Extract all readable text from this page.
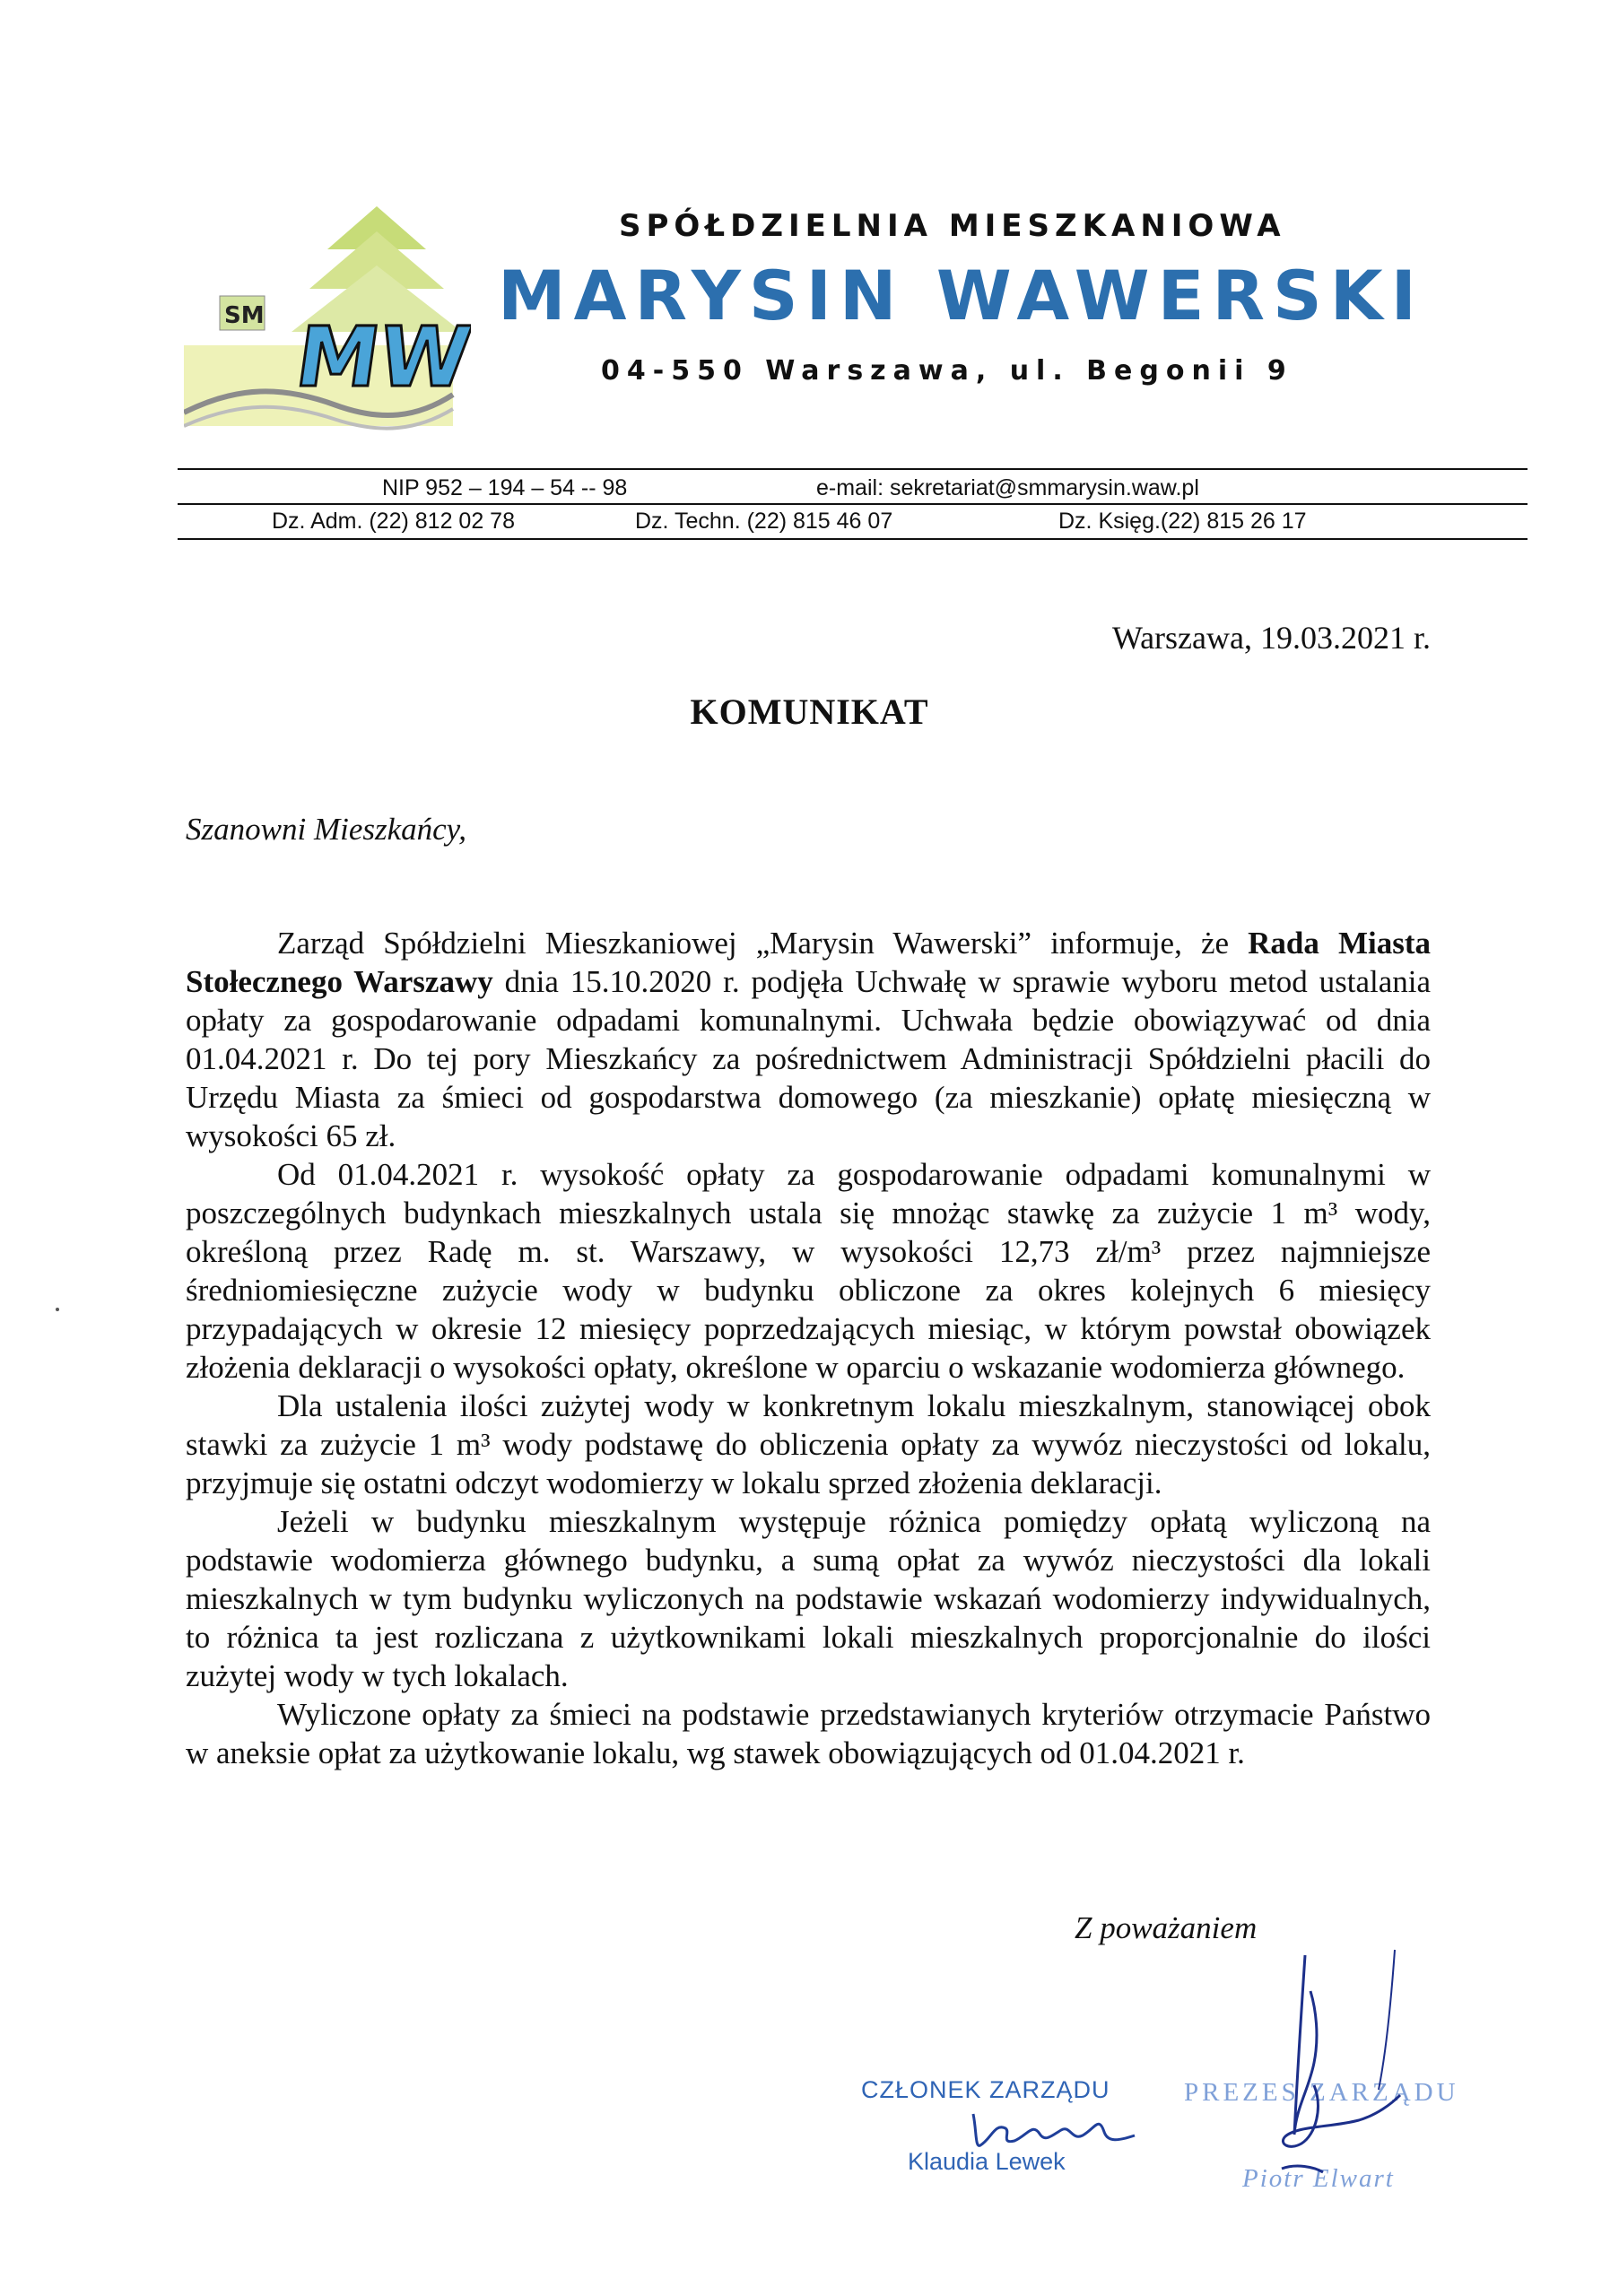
SM MW
SPÓŁDZIELNIA MIESZKANIOWA
MARYSIN WAWERSKI
04-550 Warszawa, ul. Begonii 9
NIP 952 – 194 – 54 -- 98	e-mail: sekretariat@smmarysin.waw.pl
Dz. Adm. (22) 812 02 78	Dz. Techn. (22) 815 46 07	Dz. Księg.(22) 815 26 17
Warszawa, 19.03.2021 r.
KOMUNIKAT
Szanowni Mieszkańcy,

Zarząd Spółdzielni Mieszkaniowej „Marysin Wawerski” informuje, że Rada Miasta Stołecznego Warszawy dnia 15.10.2020 r. podjęła Uchwałę w sprawie wyboru metod ustalania opłaty za gospodarowanie odpadami komunalnymi. Uchwała będzie obowiązywać od dnia 01.04.2021 r. Do tej pory Mieszkańcy za pośrednictwem Administracji Spółdzielni płacili do Urzędu Miasta za śmieci od gospodarstwa domowego (za mieszkanie) opłatę miesięczną w wysokości 65 zł.

Od 01.04.2021 r. wysokość opłaty za gospodarowanie odpadami komunalnymi w poszczególnych budynkach mieszkalnych ustala się mnożąc stawkę za zużycie 1 m³ wody, określoną przez Radę m. st. Warszawy, w wysokości 12,73 zł/m³ przez najmniejsze średniomiesięczne zużycie wody w budynku obliczone za okres kolejnych 6 miesięcy przypadających w okresie 12 miesięcy poprzedzających miesiąc, w którym powstał obowiązek złożenia deklaracji o wysokości opłaty, określone w oparciu o wskazanie wodomierza głównego.

Dla ustalenia ilości zużytej wody w konkretnym lokalu mieszkalnym, stanowiącej obok stawki za zużycie 1 m³ wody podstawę do obliczenia opłaty za wywóz nieczystości od lokalu, przyjmuje się ostatni odczyt wodomierzy w lokalu sprzed złożenia deklaracji.

Jeżeli w budynku mieszkalnym występuje różnica pomiędzy opłatą wyliczoną na podstawie wodomierza głównego budynku, a sumą opłat za wywóz nieczystości dla lokali mieszkalnych w tym budynku wyliczonych na podstawie wskazań wodomierzy indywidualnych, to różnica ta jest rozliczana z użytkownikami lokali mieszkalnych proporcjonalnie do ilości zużytej wody w tych lokalach.

Wyliczone opłaty za śmieci na podstawie przedstawianych kryteriów otrzymacie Państwo w aneksie opłat za użytkowanie lokalu, wg stawek obowiązujących od 01.04.2021 r.

Z poważaniem
CZŁONEK ZARZĄDU
Klaudia Lewek
PREZES ZARZĄDU
Piotr Elwart
